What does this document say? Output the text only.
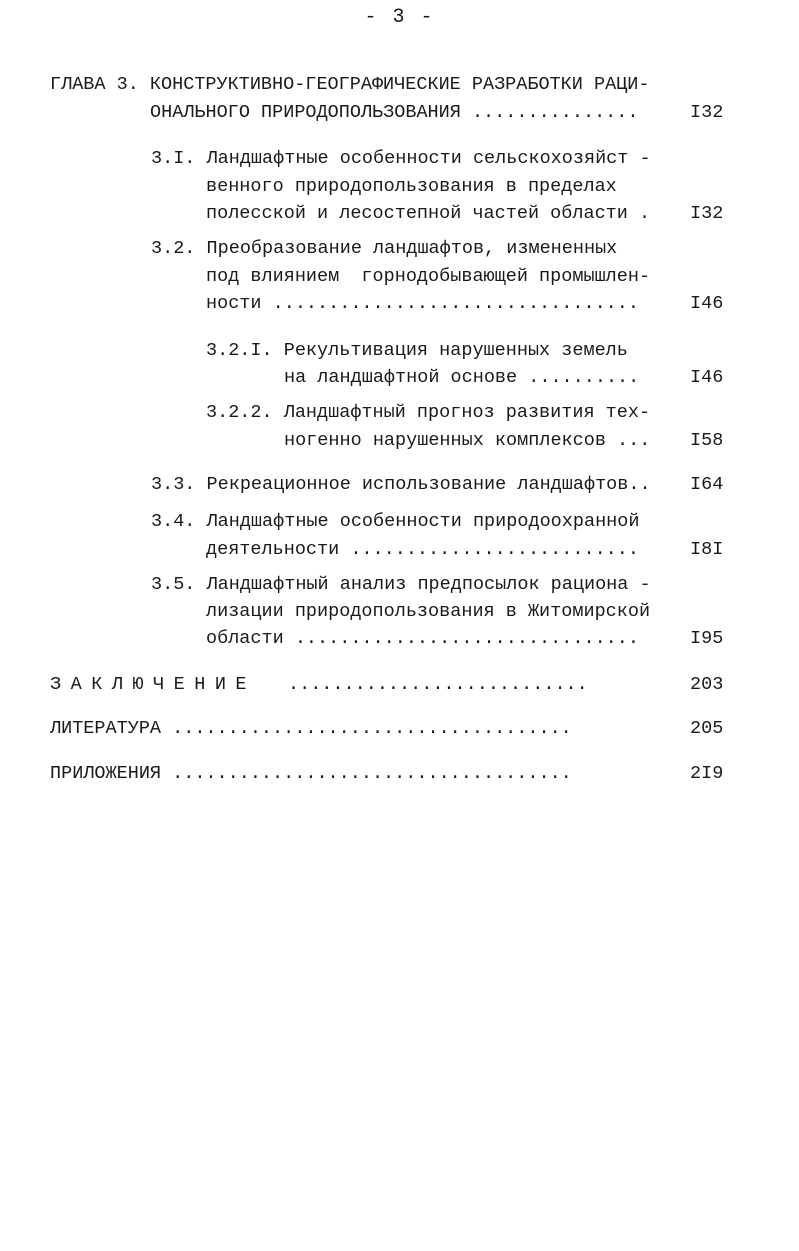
- 3 -
ГЛАВА 3. КОНСТРУКТИВНО-ГЕОГРАФИЧЕСКИЕ РАЗРАБОТКИ РАЦИ-
ОНАЛЬНОГО ПРИРОДОПОЛЬЗОВАНИЯ ...............	I32
3.I. Ландшафтные особенности сельскохозяйст -
венного природопользования в пределах
полесской и лесостепной частей области . I32
3.2. Преобразование ландшафтов, измененных
под влиянием  горнодобывающей промышлен-
ности .................................	I46
3.2.I. Рекультивация нарушенных земель
на ландшафтной основе ..........	I46
3.2.2. Ландшафтный прогноз развития тех-
ногенно нарушенных комплексов ... I58
3.3. Рекреационное использование ландшафтов.. I64
3.4. Ландшафтные особенности природоохранной
деятельности ..........................	I8I
3.5. Ландшафтный анализ предпосылок рациона -
лизации природопользования в Житомирской
области ...............................	I95
ЗАКЛЮЧЕНИЕ ...........................	203
ЛИТЕРАТУРА ....................................	205
ПРИЛОЖЕНИЯ ....................................	2I9
